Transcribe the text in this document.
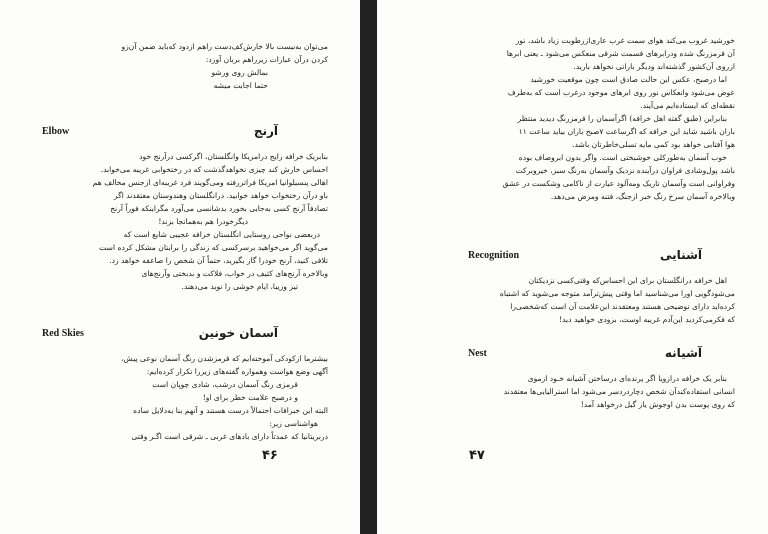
می‌توان به‌نیست بالا خارش‌کف‌دست راهم ازدود که‌باید ضمن آن‌زو
کردن درآن عبارات زیرراهم بربان آورد:
بمالش روی ورشو
حتما اجابت میشه
آرنج
Elbow
بنابریک خرافه رایج درامریکا وانگلستان، اگرکسی درآرنج خود
احساس خارش کند چیزی نخواهدگذشت که در رختخوابی غریبه می‌خوابد.
اهالی پنسیلوانیا امریکا فراتررفته ومی‌گویند فرد غریبه‌ای ازجنس مخالف هم
باو درآن رختخواب خواهد خوابید. درانگلستان وهندوستان معتقدند اگر
تصادفاً آرنج کسی به‌جایی بخورد بدشانسی می‌آورد مگراینکه فوراً آرنج
دیگرخودرا هم به‌همانجا بزند!
دربعضی نواحی روستایی انگلستان خرافه عجیبی شایع است که
می‌گوید اگر می‌خواهید برسرکسی که زندگی را برایتان مشکل کرده است
تلافی کنید، آرنج خودرا گاز بگیرید، حتماً آن شخص را صاعقه خواهد زد.
وبالاخره آرنج‌های کثیف در خواب، فلاکت و بدبختی وآرنج‌های
تیز وزیبا، ایام خوشی را نوید می‌دهند.
آسمان خونین
Red Skies
بیشترما ازکودکی آموخته‌ایم که قرمزشدن رنگ آسمان نوعی پیش،
آگهی وضع هواست وهمواره گفته‌های زیررا تکرار کرده‌ایم:
قرمزی رنگ آسمان درشب، شادی چوپان است
و درصبح علامت خطر برای او!
البته این خبرافات احتمالاً درست هستند و آنهم بنا به‌دلایل ساده
هواشناسی زیر:
دربریتانیا که عمدتاً دارای بادهای غربی ـ شرقی است اگـر وقتی
۴۶
خورشید غروب می‌کند هوای سمت غرب عاری‌ازرطوبت زیاد باشد، نور
آن قرمزرنگ شده ودرابرهای قسمت شرقی منعکس می‌شود ـ یعنی ابرها
ازروی آن‌کشور گذشته‌اند ودیگر باراتی نخواهد بارید.
اما درصبح، عکس این حالت صادق است چون موقعیت خورشید
عوض می‌شود وانعکاس نور روی ابرهای موجود درغرب است که به‌طرف
نقطه‌ای که ایستاده‌ایم می‌آیند.
بنابراین (طبق گفته اهل خرافه) اگرآسمان را قرمزرنگ دیدید منتظر
باران باشید شاید این خرافه که اگرساعت ۷صبح باران بیاید ساعت ۱۱
هوا آفتابی خواهد بود کمی مایه تسلی‌خاطرتان باشد.
خوب آسمان به‌طورکلی خوشبختی است. واگر بدون ابروصاف بوده
باشد پول‌وشادی فراوان درآینده نزدیک وآسمان به‌رنگ سبز، خیروبرکت
وفراوانی است وآسمان تاریک ومه‌آلود عبارت از ناکامی وشکست در عشق
وبالاخره آسمان سرخ رنگ خبر ازجنگ، فتنه ومرض می‌دهد.
آشنایی
Recognition
اهل خرافه درانگلستان برای این احساس‌که وقتی‌کسی نزدیکتان
می‌شودگویی اورا می‌شناسید اما وقتی پیش‌ترآمد متوجه می‌شوید که اشتباه
کرده‌اید دارای توضیحی هستند ومعتقدند این‌علامت آن است که‌شخصی‌را
که فکرمی‌کردید این‌آدم غریبه اوست، بزودی خواهید دید!
آشیانه
Nest
بنابر یک خرافه درازویا اگر پرنده‌ای درساختن آشیانه خـود ازموی
انسانی استفاده‌کندآن شخص دچاردردسر می‌شود اما استرالیایی‌ها معتقدند
که روی پوست بدن اوجوش یاز گیل درخواهد آمد!
۴۷
